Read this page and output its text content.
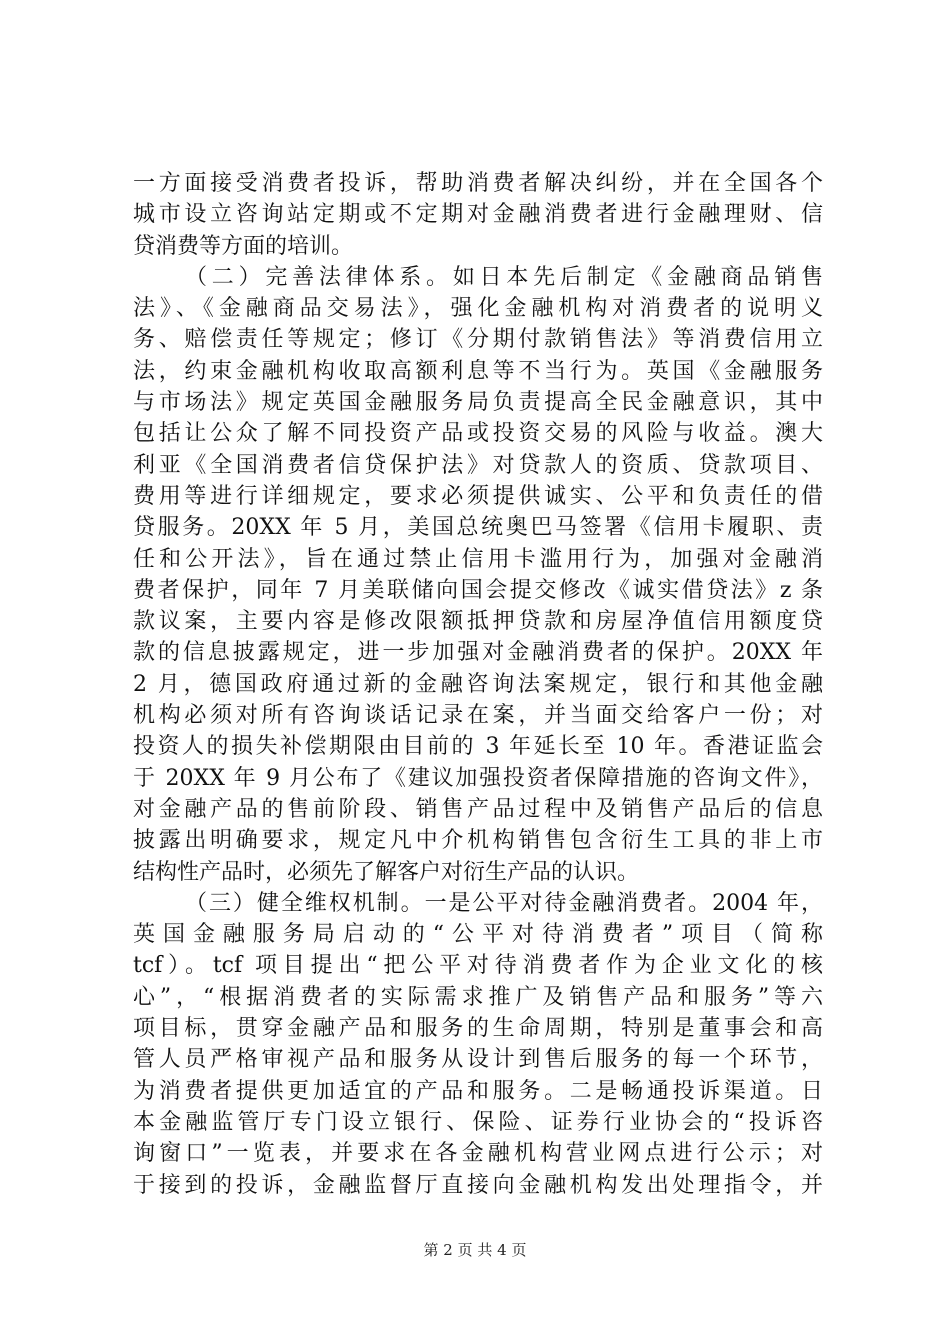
一方面接受消费者投诉，帮助消费者解决纠纷，并在全国各个
城市设立咨询站定期或不定期对金融消费者进行金融理财、信
贷消费等方面的培训。
（二）完善法律体系。如日本先后制定《金融商品销售
法》、《金融商品交易法》，强化金融机构对消费者的说明义
务、赔偿责任等规定；修订《分期付款销售法》等消费信用立
法，约束金融机构收取高额利息等不当行为。英国《金融服务
与市场法》规定英国金融服务局负责提高全民金融意识，其中
包括让公众了解不同投资产品或投资交易的风险与收益。澳大
利亚《全国消费者信贷保护法》对贷款人的资质、贷款项目、
费用等进行详细规定，要求必须提供诚实、公平和负责任的借
贷服务。20XX 年 5 月，美国总统奥巴马签署《信用卡履职、责
任和公开法》，旨在通过禁止信用卡滥用行为，加强对金融消
费者保护，同年 7 月美联储向国会提交修改《诚实借贷法》z 条
款议案，主要内容是修改限额抵押贷款和房屋净值信用额度贷
款的信息披露规定，进一步加强对金融消费者的保护。20XX 年
2 月，德国政府通过新的金融咨询法案规定，银行和其他金融
机构必须对所有咨询谈话记录在案，并当面交给客户一份；对
投资人的损失补偿期限由目前的 3 年延长至 10 年。香港证监会
于 20XX 年 9 月公布了《建议加强投资者保障措施的咨询文件》，
对金融产品的售前阶段、销售产品过程中及销售产品后的信息
披露出明确要求，规定凡中介机构销售包含衍生工具的非上市
结构性产品时，必须先了解客户对衍生产品的认识。
（三）健全维权机制。一是公平对待金融消费者。2004 年，
英国金融服务局启动的“公平对待消费者”项目（简称
tcf）。tcf 项目提出“把公平对待消费者作为企业文化的核
心”，“根据消费者的实际需求推广及销售产品和服务”等六
项目标，贯穿金融产品和服务的生命周期，特别是董事会和高
管人员严格审视产品和服务从设计到售后服务的每一个环节，
为消费者提供更加适宜的产品和服务。二是畅通投诉渠道。日
本金融监管厅专门设立银行、保险、证券行业协会的“投诉咨
询窗口”一览表，并要求在各金融机构营业网点进行公示；对
于接到的投诉，金融监督厅直接向金融机构发出处理指令，并
第 2 页 共 4 页
